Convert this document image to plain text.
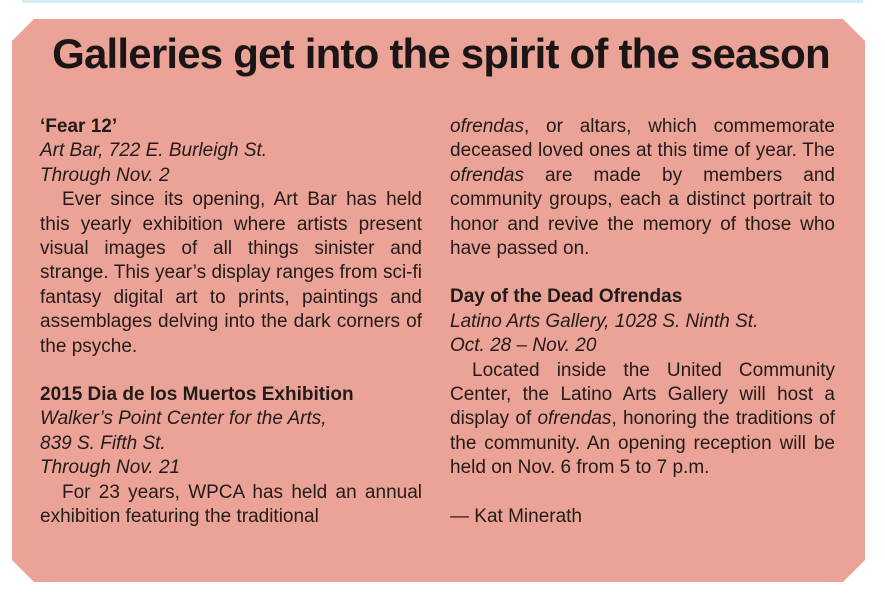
Galleries get into the spirit of the season
‘Fear 12’
Art Bar, 722 E. Burleigh St.
Through Nov. 2

Ever since its opening, Art Bar has held this yearly exhibition where artists present visual images of all things sinister and strange. This year’s display ranges from sci-fi fantasy digital art to prints, paintings and assemblages delving into the dark corners of the psyche.

2015 Dia de los Muertos Exhibition
Walker’s Point Center for the Arts,
839 S. Fifth St.
Through Nov. 21

For 23 years, WPCA has held an annual exhibition featuring the traditional

ofrendas, or altars, which commemorate deceased loved ones at this time of year. The ofrendas are made by members and community groups, each a distinct portrait to honor and revive the memory of those who have passed on.

Day of the Dead Ofrendas
Latino Arts Gallery, 1028 S. Ninth St.
Oct. 28 – Nov. 20

Located inside the United Community Center, the Latino Arts Gallery will host a display of ofrendas, honoring the traditions of the community. An opening reception will be held on Nov. 6 from 5 to 7 p.m.

— Kat Minerath
